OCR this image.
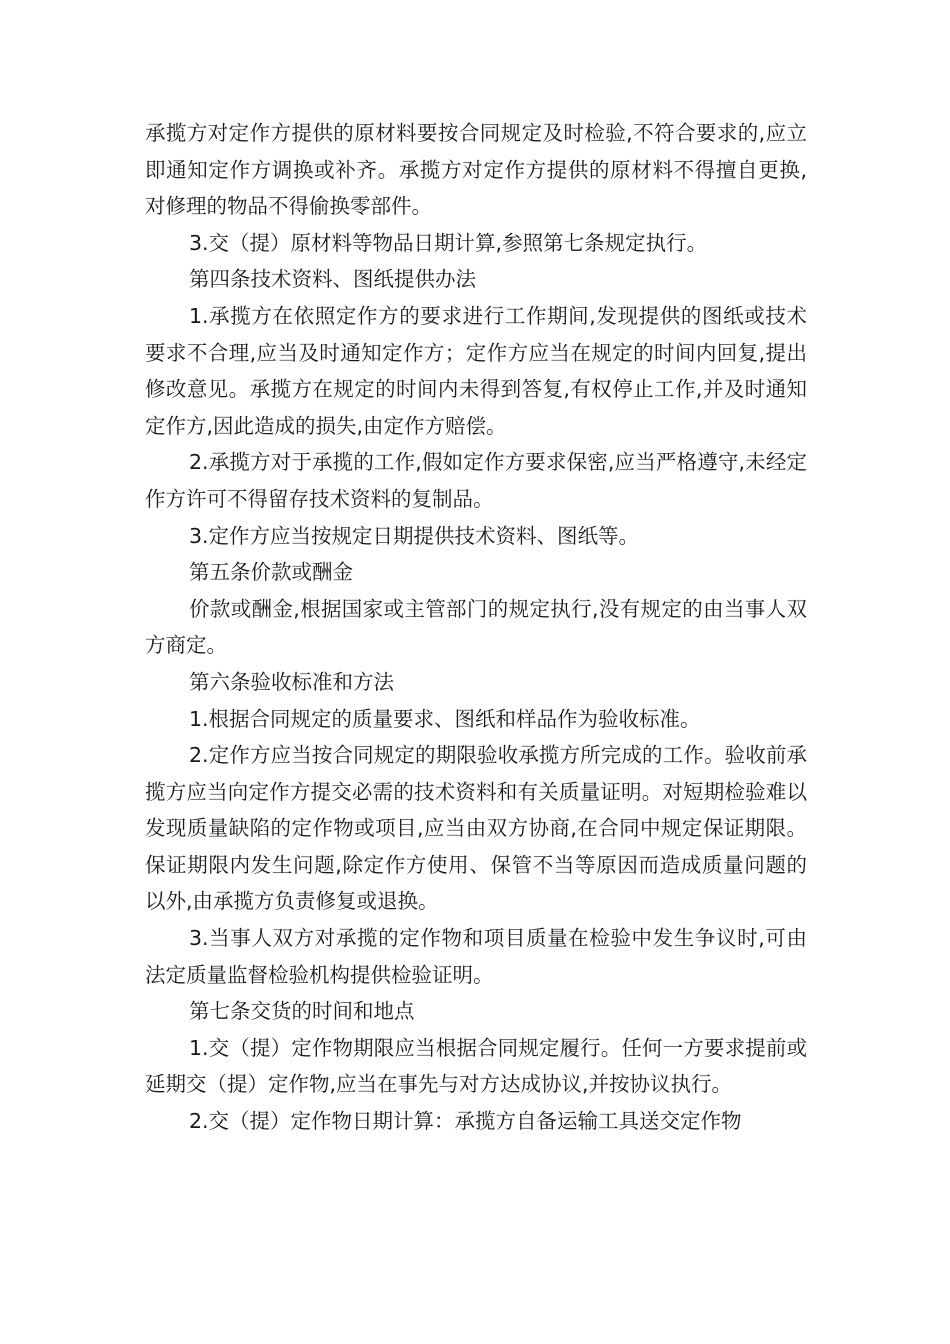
承揽方对定作方提供的原材料要按合同规定及时检验,不符合要求的,应立即通知定作方调换或补齐。承揽方对定作方提供的原材料不得擅自更换,对修理的物品不得偷换零部件。

3.交（提）原材料等物品日期计算,参照第七条规定执行。

第四条技术资料、图纸提供办法

1.承揽方在依照定作方的要求进行工作期间,发现提供的图纸或技术要求不合理,应当及时通知定作方；定作方应当在规定的时间内回复,提出修改意见。承揽方在规定的时间内未得到答复,有权停止工作,并及时通知定作方,因此造成的损失,由定作方赔偿。

2.承揽方对于承揽的工作,假如定作方要求保密,应当严格遵守,未经定作方许可不得留存技术资料的复制品。

3.定作方应当按规定日期提供技术资料、图纸等。

第五条价款或酬金

价款或酬金,根据国家或主管部门的规定执行,没有规定的由当事人双方商定。

第六条验收标准和方法

1.根据合同规定的质量要求、图纸和样品作为验收标准。

2.定作方应当按合同规定的期限验收承揽方所完成的工作。验收前承揽方应当向定作方提交必需的技术资料和有关质量证明。对短期检验难以发现质量缺陷的定作物或项目,应当由双方协商,在合同中规定保证期限。保证期限内发生问题,除定作方使用、保管不当等原因而造成质量问题的以外,由承揽方负责修复或退换。

3.当事人双方对承揽的定作物和项目质量在检验中发生争议时,可由法定质量监督检验机构提供检验证明。

第七条交货的时间和地点

1.交（提）定作物期限应当根据合同规定履行。任何一方要求提前或延期交（提）定作物,应当在事先与对方达成协议,并按协议执行。

2.交（提）定作物日期计算：承揽方自备运输工具送交定作物
